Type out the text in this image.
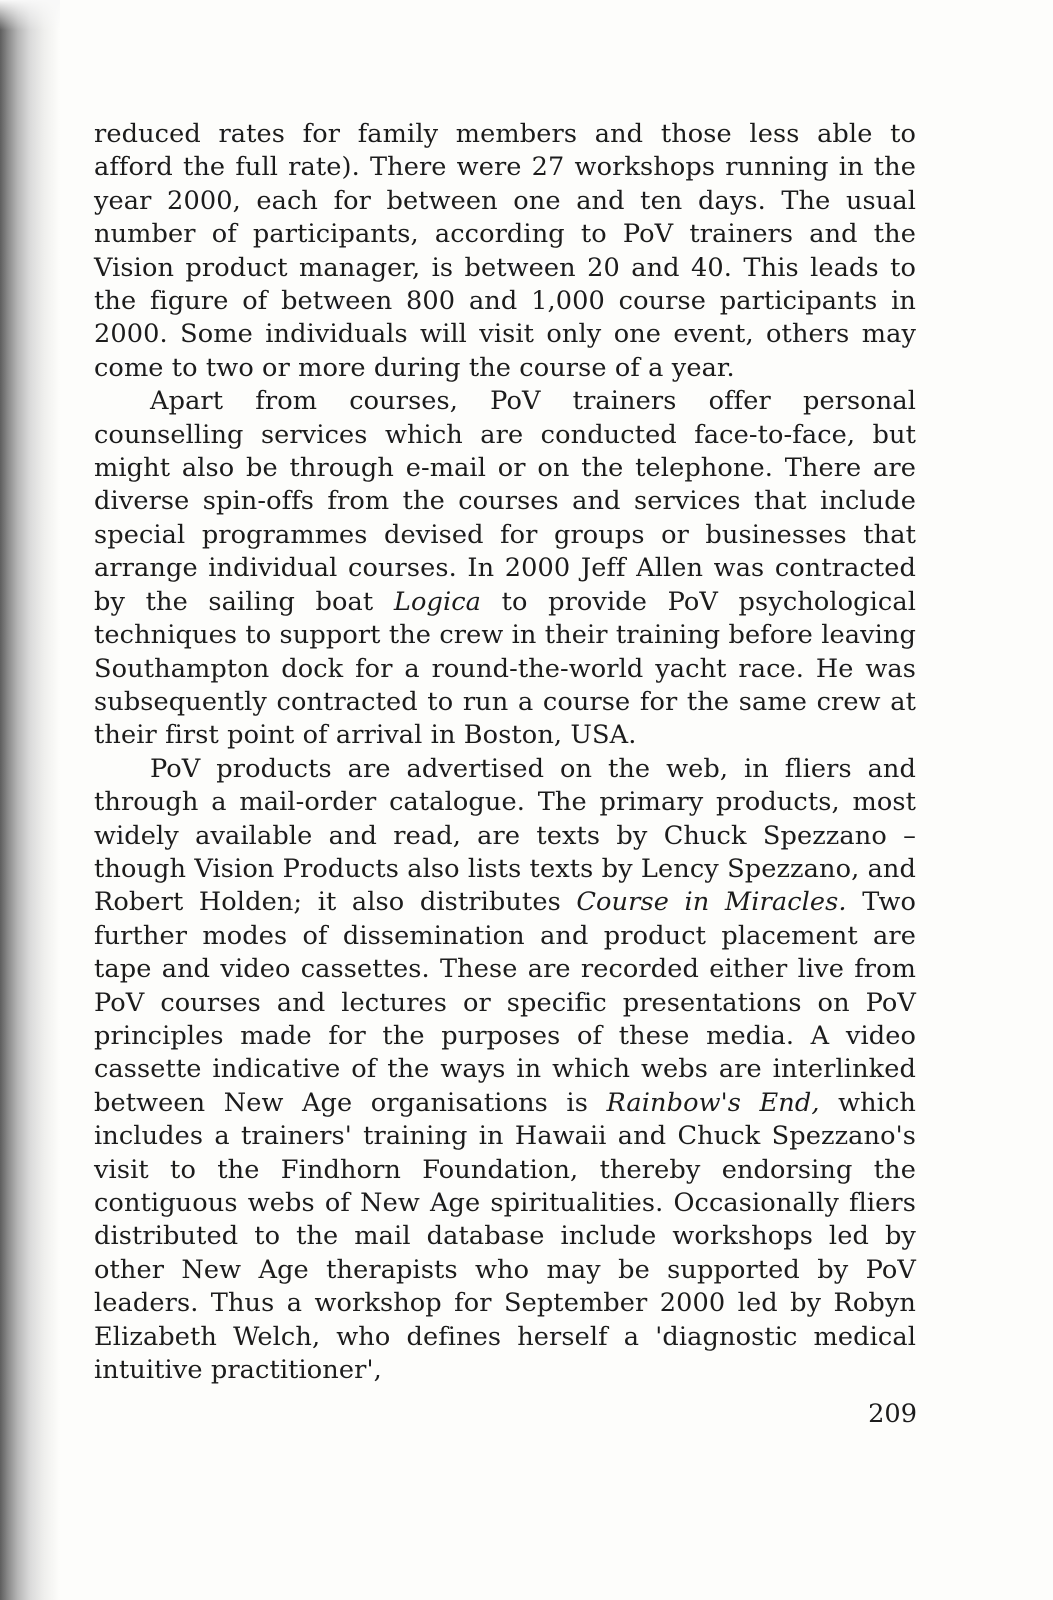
reduced rates for family members and those less able to afford the full rate). There were 27 workshops running in the year 2000, each for between one and ten days. The usual number of participants, according to PoV trainers and the Vision product manager, is between 20 and 40. This leads to the figure of between 800 and 1,000 course participants in 2000. Some individuals will visit only one event, others may come to two or more during the course of a year.

Apart from courses, PoV trainers offer personal counselling services which are conducted face-to-face, but might also be through e-mail or on the telephone. There are diverse spin-offs from the courses and services that include special programmes devised for groups or businesses that arrange individual courses. In 2000 Jeff Allen was contracted by the sailing boat Logica to provide PoV psychological techniques to support the crew in their training before leaving Southampton dock for a round-the-world yacht race. He was subsequently contracted to run a course for the same crew at their first point of arrival in Boston, USA.

PoV products are advertised on the web, in fliers and through a mail-order catalogue. The primary products, most widely available and read, are texts by Chuck Spezzano – though Vision Products also lists texts by Lency Spezzano, and Robert Holden; it also distributes Course in Miracles. Two further modes of dissemination and product placement are tape and video cassettes. These are recorded either live from PoV courses and lectures or specific presentations on PoV principles made for the purposes of these media. A video cassette indicative of the ways in which webs are interlinked between New Age organisations is Rainbow's End, which includes a trainers' training in Hawaii and Chuck Spezzano's visit to the Findhorn Foundation, thereby endorsing the contiguous webs of New Age spiritualities. Occasionally fliers distributed to the mail database include workshops led by other New Age therapists who may be supported by PoV leaders. Thus a workshop for September 2000 led by Robyn Elizabeth Welch, who defines herself a 'diagnostic medical intuitive practitioner',

209
